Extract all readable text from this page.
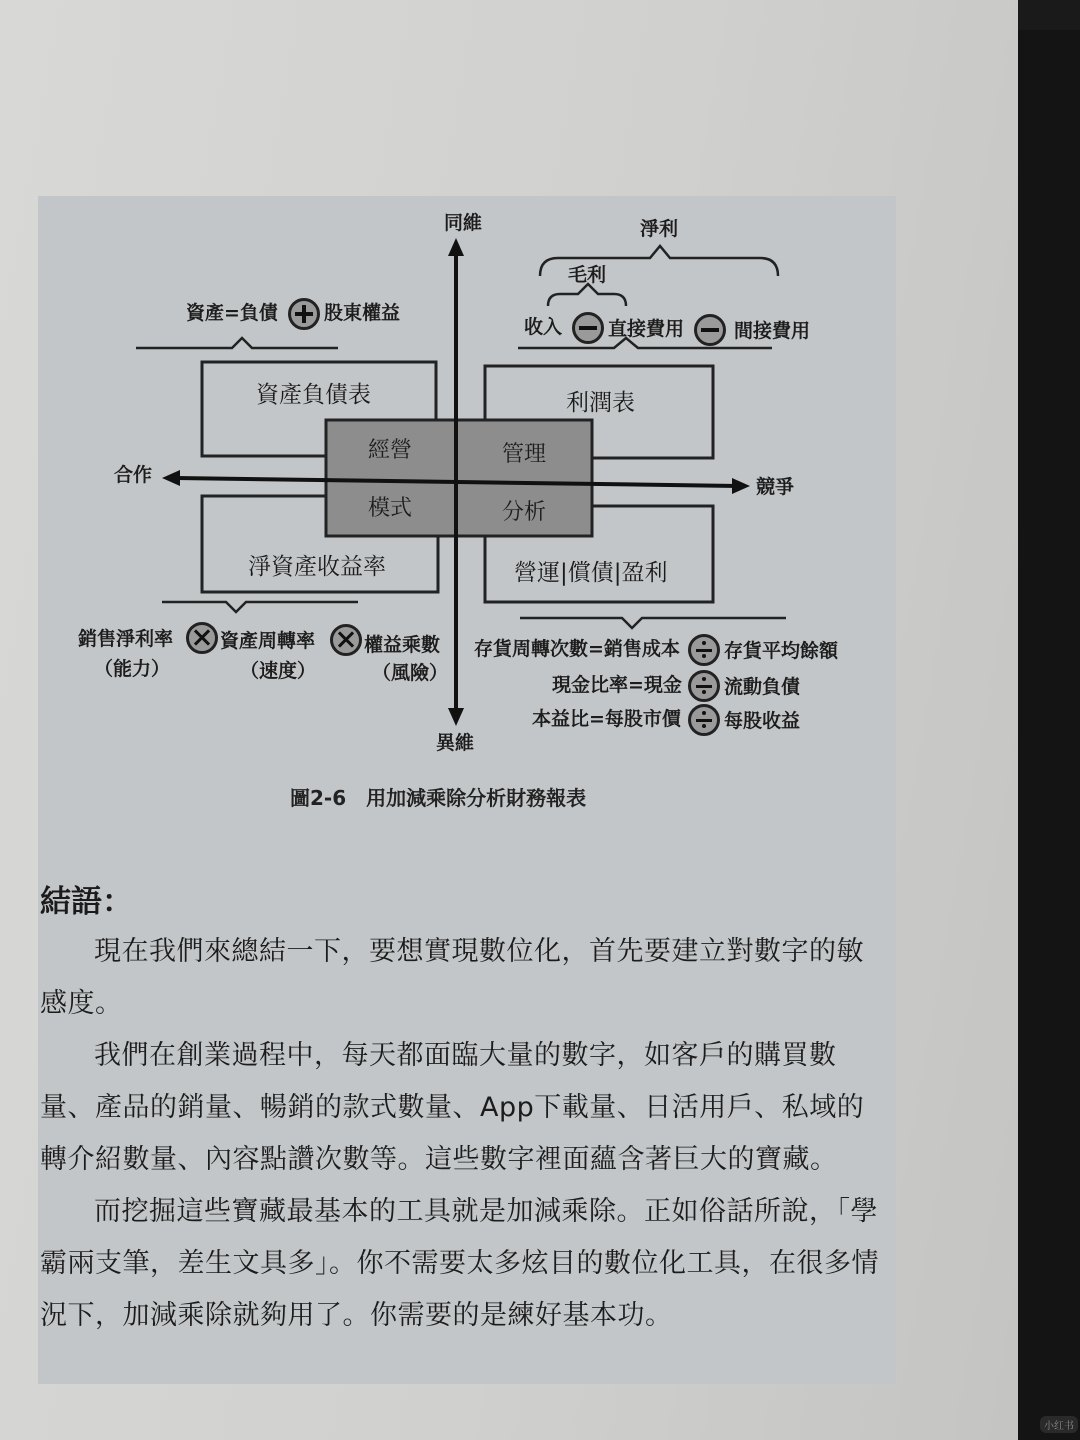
同維
異維
合作
競爭
資產=負債 股東權益
淨利
毛利
收入 直接費用	間接費用
資產負債表	利潤表
淨資產收益率	營運|償債|盈利
經營	管理
模式	分析
銷售淨利率
（能力）
資產周轉率
（速度）
權益乘數
（風險）
存貨周轉次數=銷售成本 存貨平均餘額
現金比率=現金 流動負債
本益比=每股市價 每股收益
圖2-6　用加減乘除分析財務報表
結語：

現在我們來總結一下，要想實現數位化，首先要建立對數字的敏感度。

我們在創業過程中，每天都面臨大量的數字，如客戶的購買數量、產品的銷量、暢銷的款式數量、App下載量、日活用戶、私域的轉介紹數量、內容點讚次數等。這些數字裡面蘊含著巨大的寶藏。

而挖掘這些寶藏最基本的工具就是加減乘除。正如俗話所說，「學霸兩支筆，差生文具多」。你不需要太多炫目的數位化工具，在很多情況下，加減乘除就夠用了。你需要的是練好基本功。

小红书
